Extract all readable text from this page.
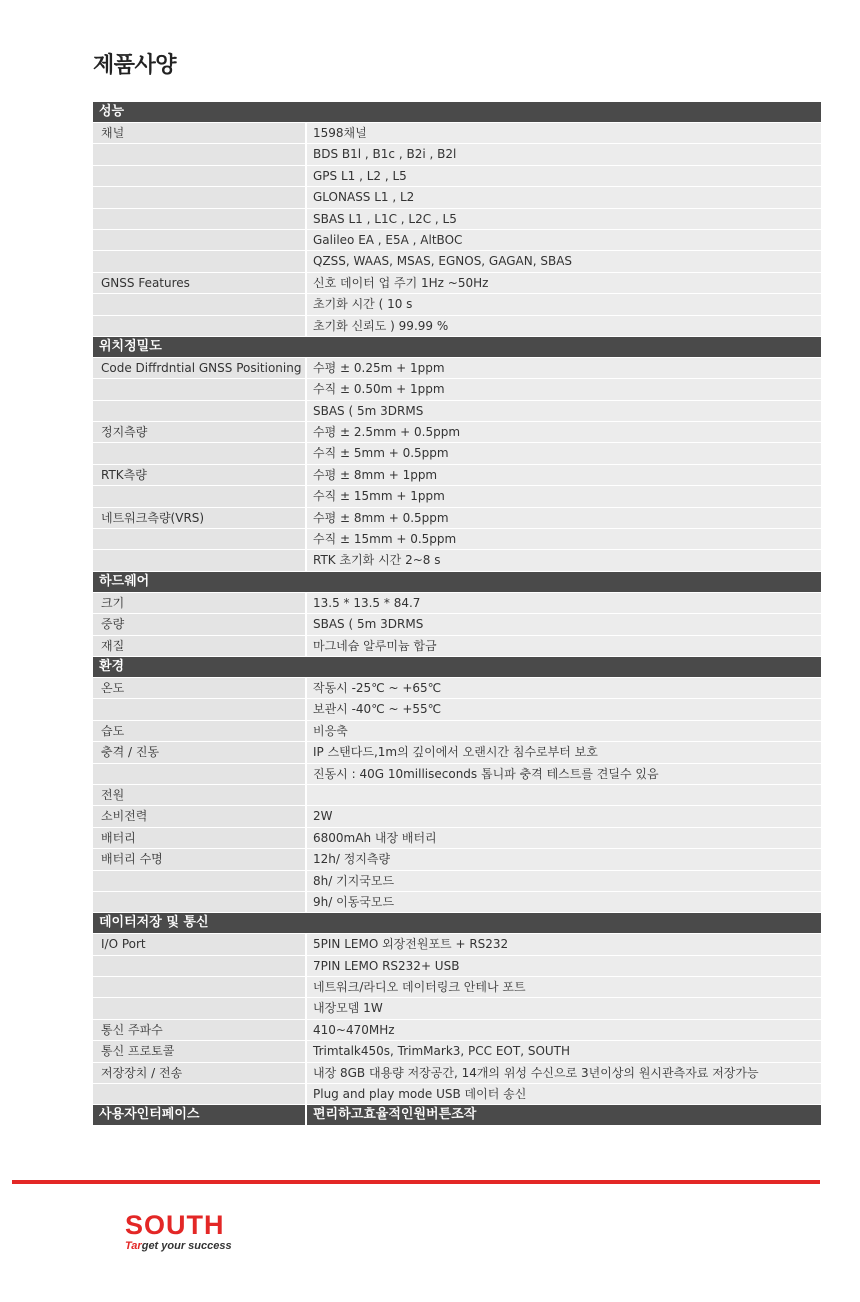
제품사양
성능
채널	1598채널
BDS B1l , B1c , B2i , B2l
GPS L1 , L2 , L5
GLONASS L1 , L2
SBAS L1 , L1C , L2C , L5
Galileo EA , E5A , AltBOC
QZSS, WAAS, MSAS, EGNOS, GAGAN, SBAS
GNSS Features	신호 데이터 업 주기 1Hz ~50Hz
초기화 시간 ( 10 s
초기화 신뢰도 ) 99.99 %
위치정밀도
Code Diffrdntial GNSS Positioning 수평 ± 0.25m + 1ppm
수직 ± 0.50m + 1ppm
SBAS ( 5m 3DRMS
정지측량	수평 ± 2.5mm + 0.5ppm
수직 ± 5mm + 0.5ppm
RTK측량	수평 ± 8mm + 1ppm
수직 ± 15mm + 1ppm
네트워크측량(VRS)	수평 ± 8mm + 0.5ppm
수직 ± 15mm + 0.5ppm
RTK 초기화 시간 2~8 s
하드웨어
크기	13.5 * 13.5 * 84.7
중량	SBAS ( 5m 3DRMS
재질	마그네슘 알루미늄 합금
환경
온도	작동시 -25℃ ~ +65℃
보관시 -40℃ ~ +55℃
습도	비응축
충격 / 진동	IP 스탠다드,1m의 깊이에서 오랜시간 침수로부터 보호
진동시 : 40G 10milliseconds 톱니파 충격 테스트를 견딜수 있음
전원
소비전력	2W
배터리	6800mAh 내장 배터리
배터리 수명	12h/ 정지측량
8h/ 기지국모드
9h/ 이동국모드
데이터저장 및 통신
I/O Port	5PIN LEMO 외장전원포트 + RS232
7PIN LEMO RS232+ USB
네트워크/라디오 데이터링크 안테나 포트
내장모뎀 1W
통신 주파수	410~470MHz
통신 프로토콜	Trimtalk450s, TrimMark3, PCC EOT, SOUTH
저장장치 / 전송	내장 8GB 대용량 저장공간, 14개의 위성 수신으로 3년이상의 원시관측자료 저장가능
Plug and play mode USB 데이터 송신
사용자인터페이스	편리하고효율적인원버튼조작
SOUTH
Target your success
